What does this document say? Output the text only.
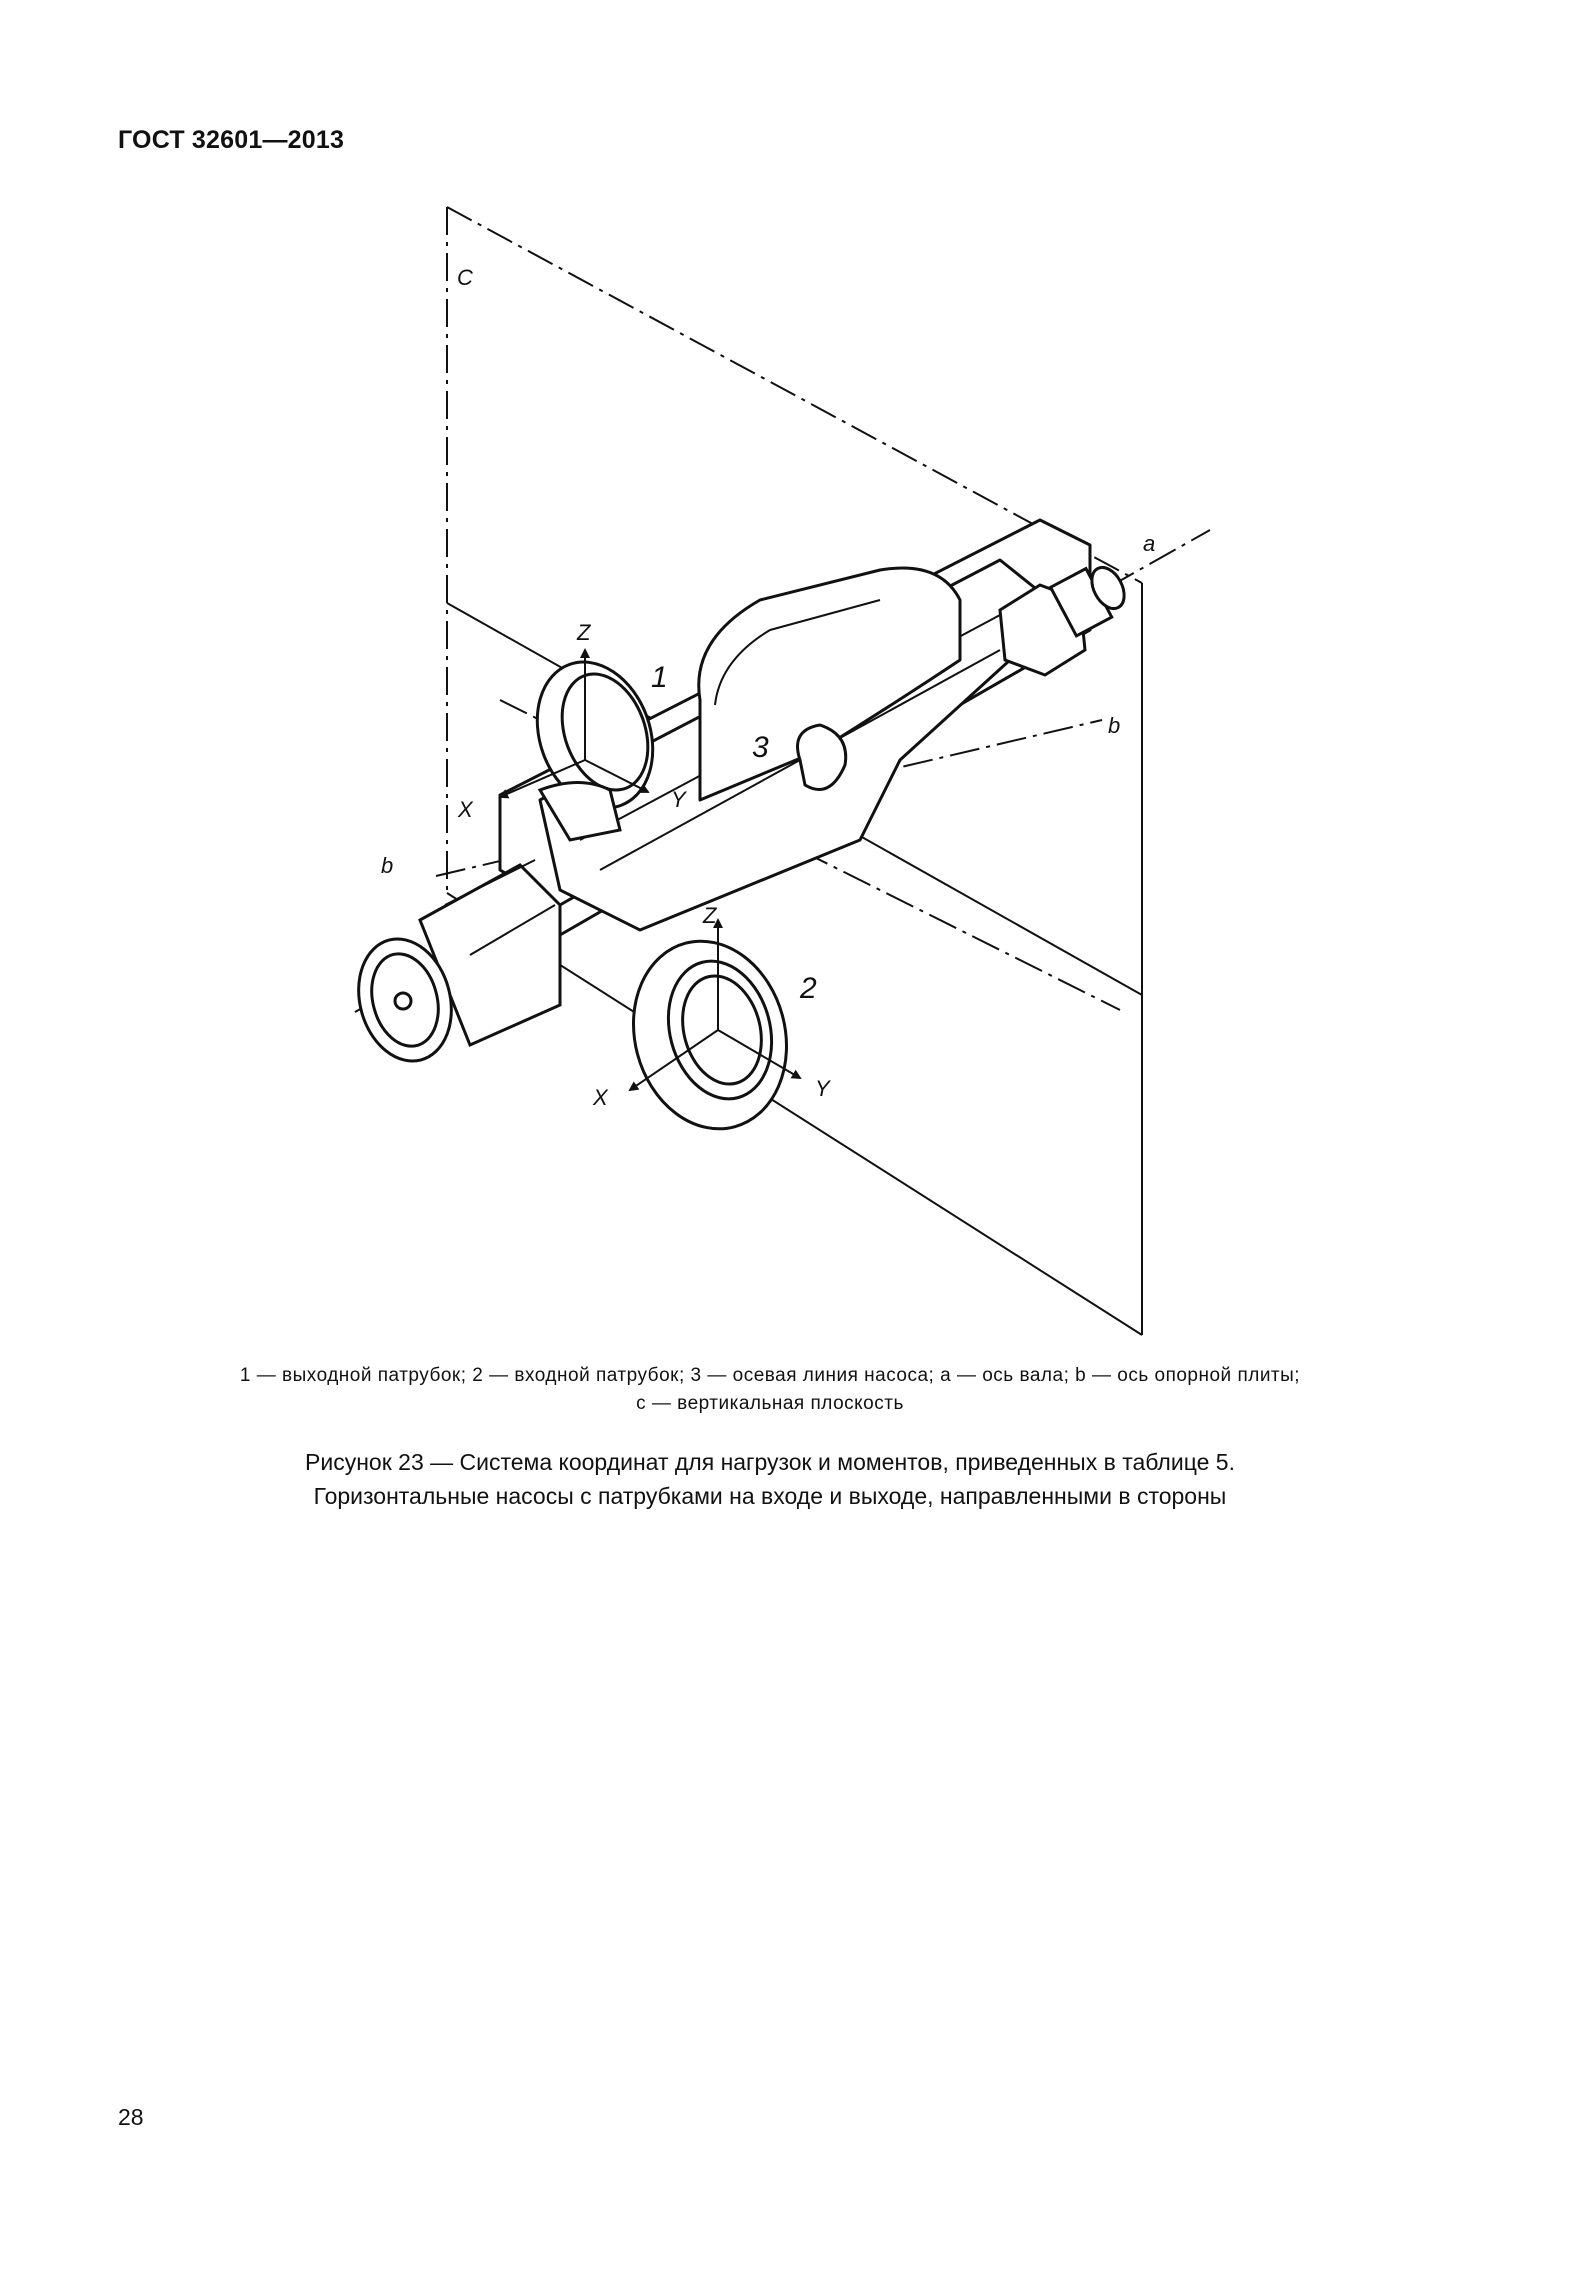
ГОСТ 32601—2013
C
a
b
b
1
2
3
Z
X	Y
Z
X	Y
1 — выходной патрубок; 2 — входной патрубок; 3 — осевая линия насоса; a — ось вала; b — ось опорной плиты;
c — вертикальная плоскость
Рисунок 23 — Система координат для нагрузок и моментов, приведенных в таблице 5.
Горизонтальные насосы с патрубками на входе и выходе, направленными в стороны
28
